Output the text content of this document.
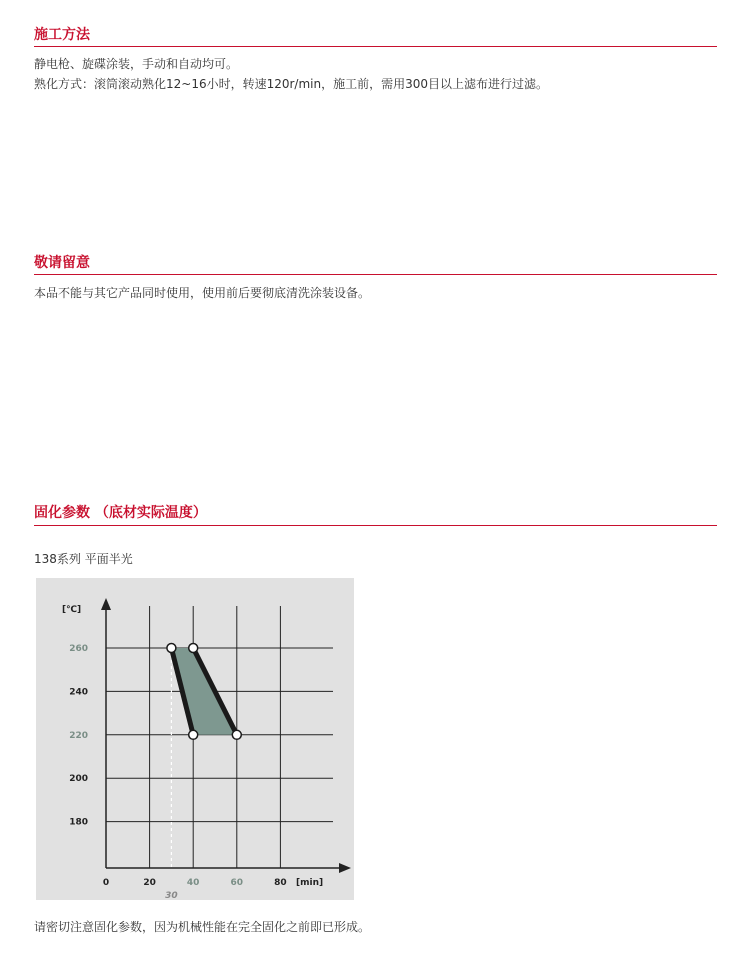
施工方法

静电枪、旋碟涂装，手动和自动均可。

熟化方式：滚筒滚动熟化12~16小时，转速120r/min，施工前，需用300目以上滤布进行过滤。

敬请留意

本品不能与其它产品同时使用，使用前后要彻底清洗涂装设备。

固化参数 （底材实际温度）

138系列 平面半光

180
200
220
240
260
0	20
30
40	60	80
[℃]
[min]

请密切注意固化参数，因为机械性能在完全固化之前即已形成。
